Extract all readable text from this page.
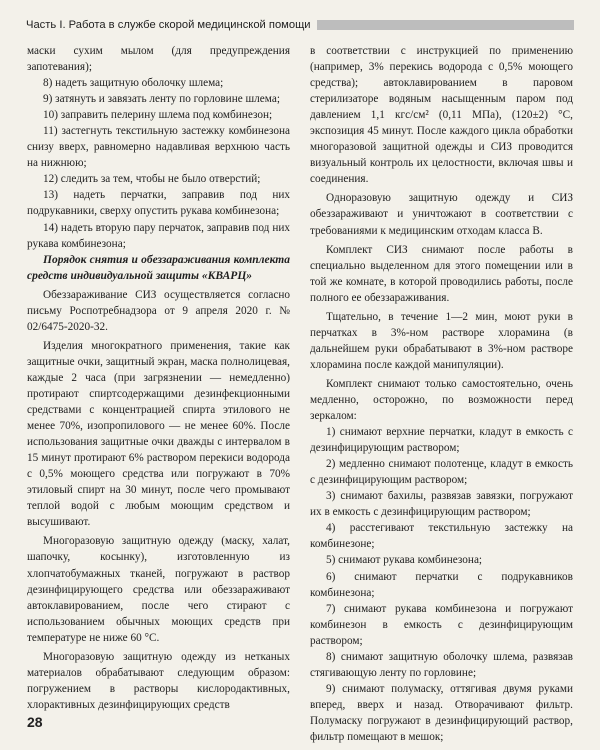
Часть I. Работа в службе скорой медицинской помощи

маски сухим мылом (для предупреждения запотевания);

8) надеть защитную оболочку шлема;

9) затянуть и завязать ленту по горловине шлема;

10) заправить пелерину шлема под комбинезон;

11) застегнуть текстильную застежку комбинезона снизу вверх, равномерно надавливая верхнюю часть на нижнюю;

12) следить за тем, чтобы не было отверстий;

13) надеть перчатки, заправив под них подрукавники, сверху опустить рукава комбинезона;

14) надеть вторую пару перчаток, заправив под них рукава комбинезона;

Порядок снятия и обеззараживания комплекта средств индивидуальной защиты «КВАРЦ»

Обеззараживание СИЗ осуществляется согласно письму Роспотребнадзора от 9 апреля 2020 г. № 02/6475-2020-32.

Изделия многократного применения, такие как защитные очки, защитный экран, маска полнолицевая, каждые 2 часа (при загрязнении — немедленно) протирают спиртсодержащими дезинфекционными средствами с концентрацией спирта этилового не менее 70%, изопропилового — не менее 60%. После использования защитные очки дважды с интервалом в 15 минут протирают 6% раствором перекиси водорода с 0,5% моющего средства или погружают в 70% этиловый спирт на 30 минут, после чего промывают теплой водой с любым моющим средством и высушивают.

Многоразовую защитную одежду (маску, халат, шапочку, косынку), изготовленную из хлопчатобумажных тканей, погружают в раствор дезинфицирующего средства или обеззараживают автоклавированием, после чего стирают с использованием обычных моющих средств при температуре не ниже 60 °C.

Многоразовую защитную одежду из нетканых материалов обрабатывают следующим образом: погружением в растворы кислородактивных, хлорактивных дезинфицирующих средств

в соответствии с инструкцией по применению (например, 3% перекись водорода с 0,5% моющего средства); автоклавированием в паровом стерилизаторе водяным насыщенным паром под давлением 1,1 кгс/см² (0,11 МПа), (120±2) °C, экспозиция 45 минут. После каждого цикла обработки многоразовой защитной одежды и СИЗ проводится визуальный контроль их целостности, включая швы и соединения.

Одноразовую защитную одежду и СИЗ обеззараживают и уничтожают в соответствии с требованиями к медицинским отходам класса В.

Комплект СИЗ снимают после работы в специально выделенном для этого помещении или в той же комнате, в которой проводились работы, после полного ее обеззараживания.

Тщательно, в течение 1—2 мин, моют руки в перчатках в 3%-ном растворе хлорамина (в дальнейшем руки обрабатывают в 3%-ном растворе хлорамина после каждой манипуляции).

Комплект снимают только самостоятельно, очень медленно, осторожно, по возможности перед зеркалом:

1) снимают верхние перчатки, кладут в емкость с дезинфицирующим раствором;

2) медленно снимают полотенце, кладут в емкость с дезинфицирующим раствором;

3) снимают бахилы, развязав завязки, погружают их в емкость с дезинфицирующим раствором;

4) расстегивают текстильную застежку на комбинезоне;

5) снимают рукава комбинезона;

6) снимают перчатки с подрукавников комбинезона;

7) снимают рукава комбинезона и погружают комбинезон в емкость с дезинфицирующим раствором;

8) снимают защитную оболочку шлема, развязав стягивающую ленту по горловине;

9) снимают полумаску, оттягивая двумя руками вперед, вверх и назад. Отворачивают фильтр. Полумаску погружают в дезинфицирующий раствор, фильтр помещают в мешок;

28
